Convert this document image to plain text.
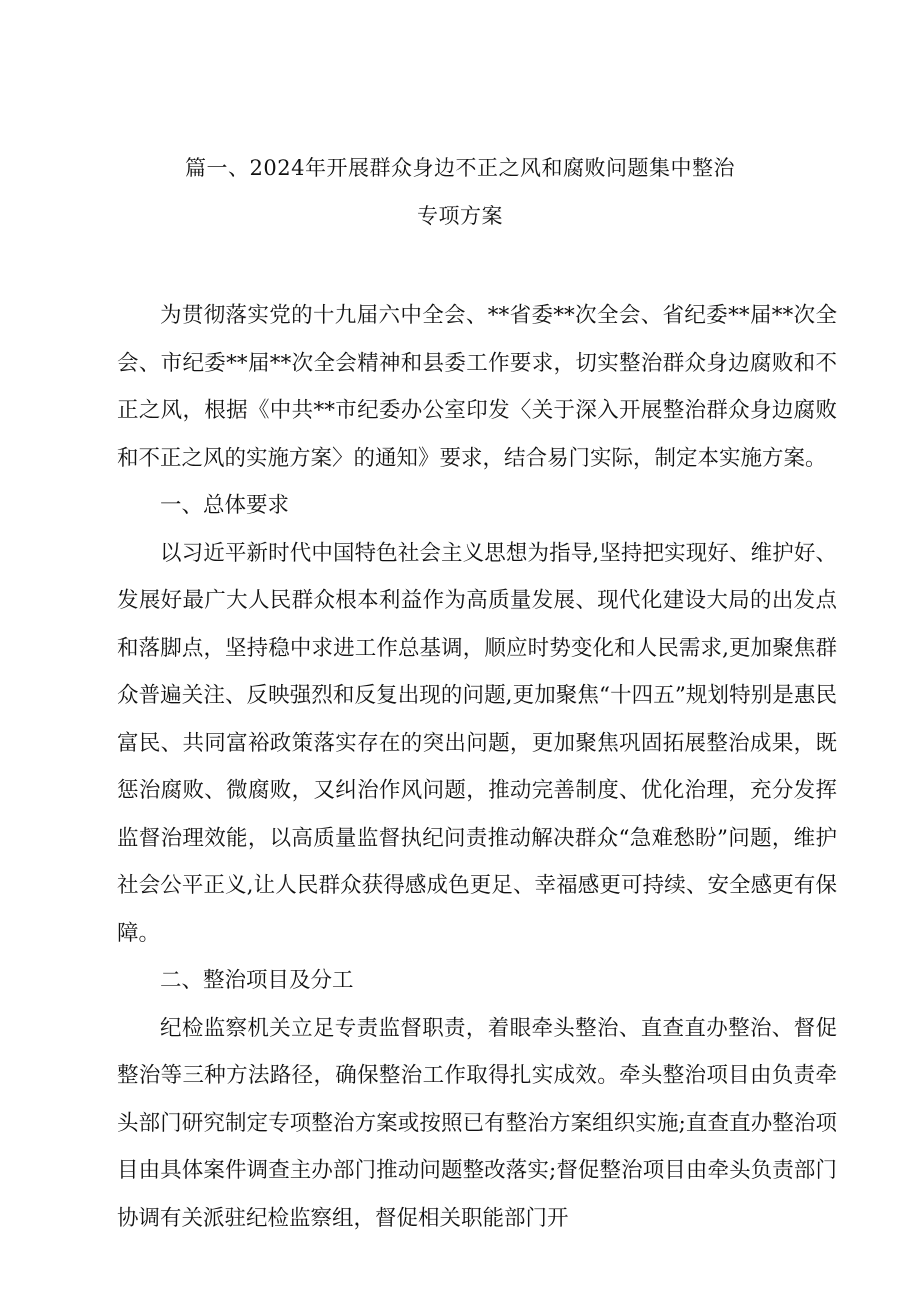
篇一、2024年开展群众身边不正之风和腐败问题集中整治
专项方案

为贯彻落实党的十九届六中全会、**省委**次全会、省纪委**届**次全会、市纪委**届**次全会精神和县委工作要求，切实整治群众身边腐败和不正之风，根据《中共**市纪委办公室印发〈关于深入开展整治群众身边腐败和不正之风的实施方案〉的通知》要求，结合易门实际，制定本实施方案。

一、总体要求

以习近平新时代中国特色社会主义思想为指导,坚持把实现好、维护好、发展好最广大人民群众根本利益作为高质量发展、现代化建设大局的出发点和落脚点，坚持稳中求进工作总基调，顺应时势变化和人民需求,更加聚焦群众普遍关注、反映强烈和反复出现的问题,更加聚焦“十四五”规划特别是惠民富民、共同富裕政策落实存在的突出问题，更加聚焦巩固拓展整治成果，既惩治腐败、微腐败，又纠治作风问题，推动完善制度、优化治理，充分发挥监督治理效能，以高质量监督执纪问责推动解决群众“急难愁盼”问题，维护社会公平正义,让人民群众获得感成色更足、幸福感更可持续、安全感更有保障。

二、整治项目及分工

纪检监察机关立足专责监督职责，着眼牵头整治、直查直办整治、督促整治等三种方法路径，确保整治工作取得扎实成效。牵头整治项目由负责牵头部门研究制定专项整治方案或按照已有整治方案组织实施;直查直办整治项目由具体案件调查主办部门推动问题整改落实;督促整治项目由牵头负责部门协调有关派驻纪检监察组，督促相关职能部门开
